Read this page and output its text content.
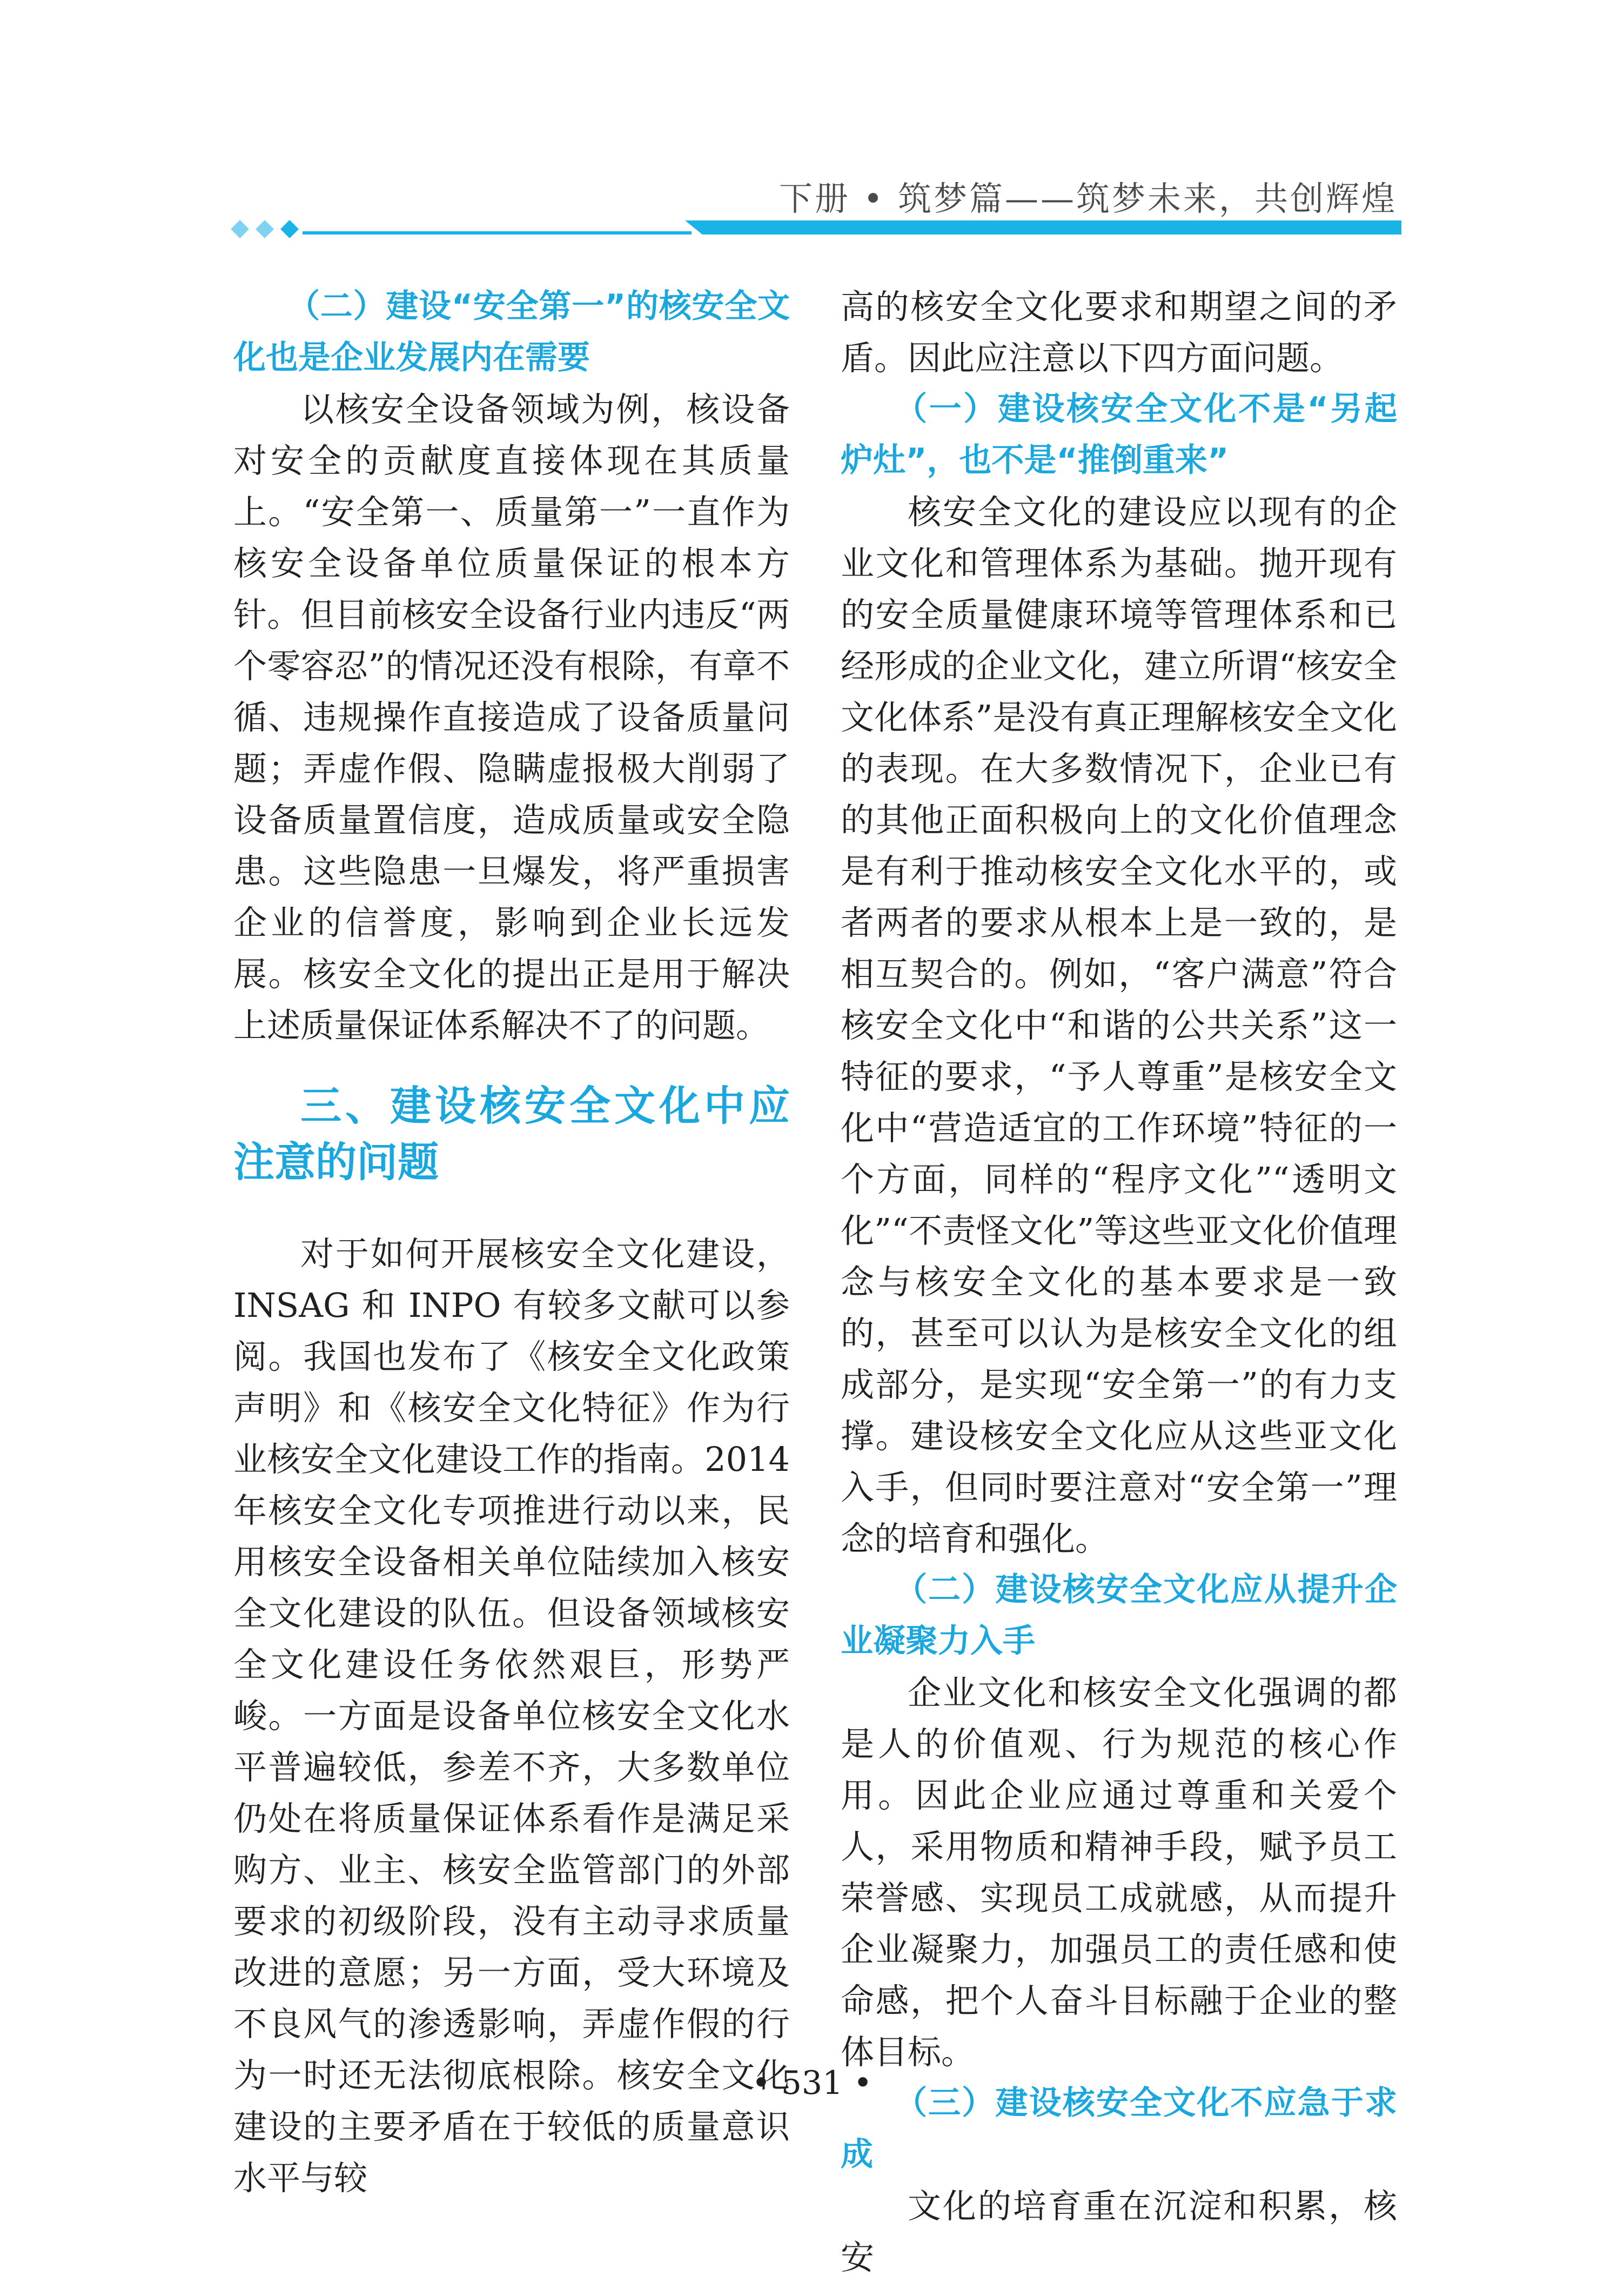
下册 • 筑梦篇——筑梦未来，共创辉煌

（二）建设“安全第一”的核安全文化也是企业发展内在需要

以核安全设备领域为例，核设备对安全的贡献度直接体现在其质量上。“安全第一、质量第一”一直作为核安全设备单位质量保证的根本方针。但目前核安全设备行业内违反“两个零容忍”的情况还没有根除，有章不循、违规操作直接造成了设备质量问题；弄虚作假、隐瞒虚报极大削弱了设备质量置信度，造成质量或安全隐患。这些隐患一旦爆发，将严重损害企业的信誉度，影响到企业长远发展。核安全文化的提出正是用于解决上述质量保证体系解决不了的问题。

三、建设核安全文化中应注意的问题

对于如何开展核安全文化建设，INSAG 和 INPO 有较多文献可以参阅。我国也发布了《核安全文化政策声明》和《核安全文化特征》作为行业核安全文化建设工作的指南。2014 年核安全文化专项推进行动以来，民用核安全设备相关单位陆续加入核安全文化建设的队伍。但设备领域核安全文化建设任务依然艰巨，形势严峻。一方面是设备单位核安全文化水平普遍较低，参差不齐，大多数单位仍处在将质量保证体系看作是满足采购方、业主、核安全监管部门的外部要求的初级阶段，没有主动寻求质量改进的意愿；另一方面，受大环境及不良风气的渗透影响，弄虚作假的行为一时还无法彻底根除。核安全文化建设的主要矛盾在于较低的质量意识水平与较

高的核安全文化要求和期望之间的矛盾。因此应注意以下四方面问题。

（一）建设核安全文化不是“另起炉灶”，也不是“推倒重来”

核安全文化的建设应以现有的企业文化和管理体系为基础。抛开现有的安全质量健康环境等管理体系和已经形成的企业文化，建立所谓“核安全文化体系”是没有真正理解核安全文化的表现。在大多数情况下，企业已有的其他正面积极向上的文化价值理念是有利于推动核安全文化水平的，或者两者的要求从根本上是一致的，是相互契合的。例如，“客户满意”符合核安全文化中“和谐的公共关系”这一特征的要求，“予人尊重”是核安全文化中“营造适宜的工作环境”特征的一个方面，同样的“程序文化”“透明文化”“不责怪文化”等这些亚文化价值理念与核安全文化的基本要求是一致的，甚至可以认为是核安全文化的组成部分，是实现“安全第一”的有力支撑。建设核安全文化应从这些亚文化入手，但同时要注意对“安全第一”理念的培育和强化。

（二）建设核安全文化应从提升企业凝聚力入手

企业文化和核安全文化强调的都是人的价值观、行为规范的核心作用。因此企业应通过尊重和关爱个人，采用物质和精神手段，赋予员工荣誉感、实现员工成就感，从而提升企业凝聚力，加强员工的责任感和使命感，把个人奋斗目标融于企业的整体目标。

（三）建设核安全文化不应急于求成

文化的培育重在沉淀和积累，核安

• 531 •
